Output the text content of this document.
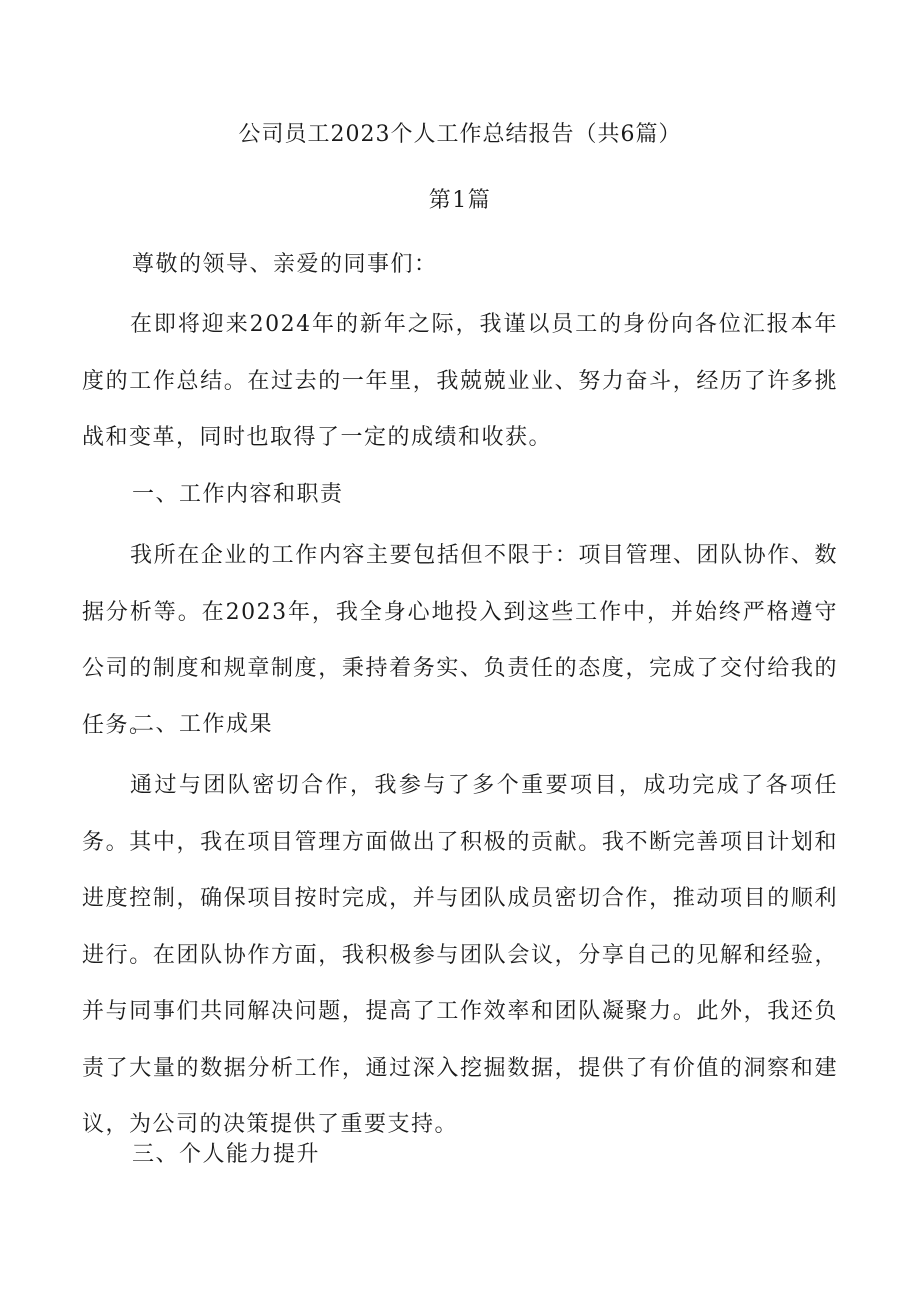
公司员工2023个人工作总结报告（共6篇）
第1篇
尊敬的领导、亲爱的同事们：
在即将迎来2024年的新年之际，我谨以员工的身份向各位汇报本年度的工作总结。在过去的一年里，我兢兢业业、努力奋斗，经历了许多挑战和变革，同时也取得了一定的成绩和收获。
一、工作内容和职责
我所在企业的工作内容主要包括但不限于：项目管理、团队协作、数据分析等。在2023年，我全身心地投入到这些工作中，并始终严格遵守公司的制度和规章制度，秉持着务实、负责任的态度，完成了交付给我的任务。
二、工作成果
通过与团队密切合作，我参与了多个重要项目，成功完成了各项任务。其中，我在项目管理方面做出了积极的贡献。我不断完善项目计划和进度控制，确保项目按时完成，并与团队成员密切合作，推动项目的顺利进行。在团队协作方面，我积极参与团队会议，分享自己的见解和经验，并与同事们共同解决问题，提高了工作效率和团队凝聚力。此外，我还负责了大量的数据分析工作，通过深入挖掘数据，提供了有价值的洞察和建议，为公司的决策提供了重要支持。
三、个人能力提升
